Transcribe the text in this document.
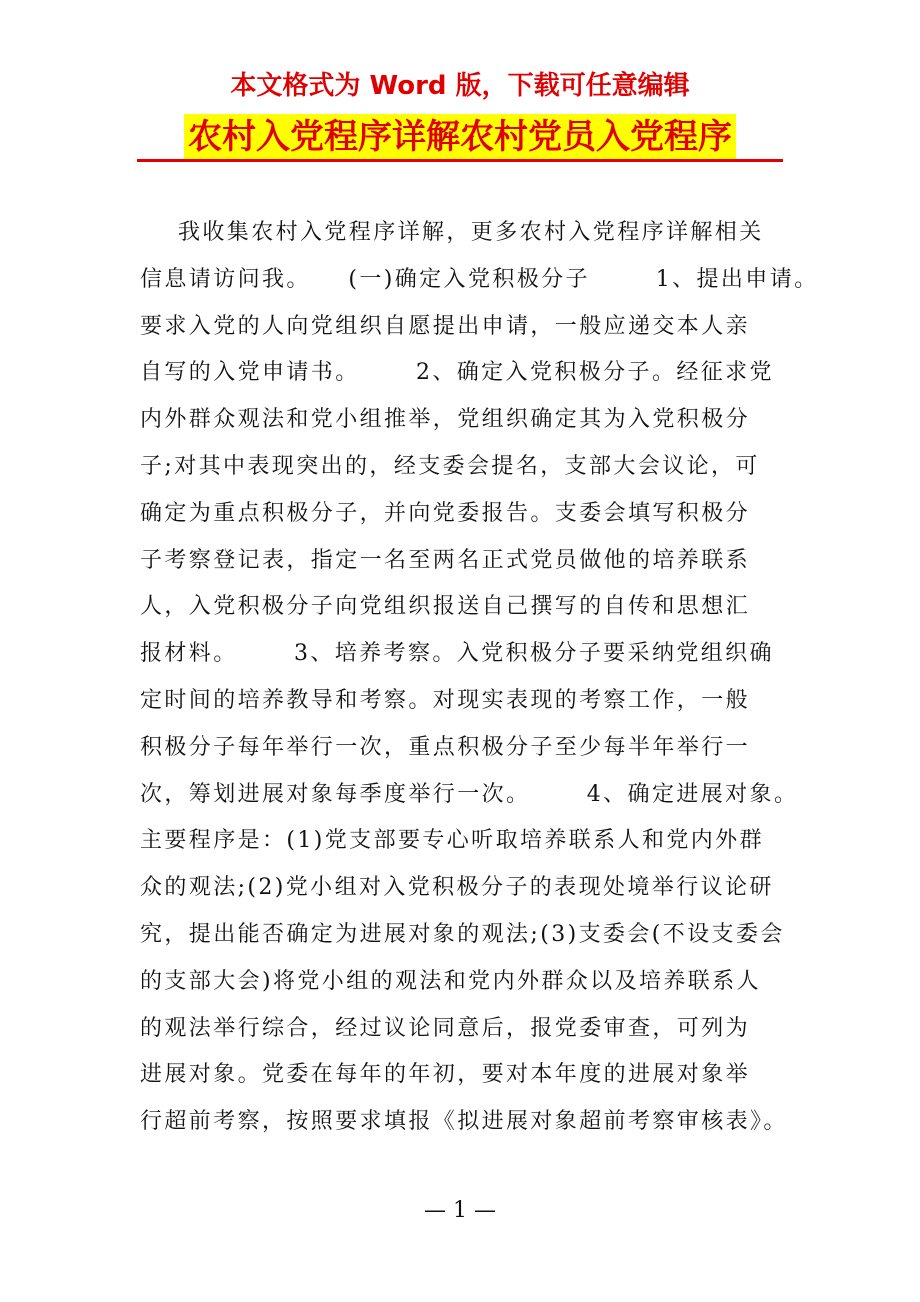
本文格式为 Word 版，下载可任意编辑
农村入党程序详解农村党员入党程序
我收集农村入党程序详解，更多农村入党程序详解相关
信息请访问我。    (一)确定入党积极分子       1、提出申请。
要求入党的人向党组织自愿提出申请，一般应递交本人亲
自写的入党申请书。      2、确定入党积极分子。经征求党
内外群众观法和党小组推举，党组织确定其为入党积极分
子;对其中表现突出的，经支委会提名，支部大会议论，可
确定为重点积极分子，并向党委报告。支委会填写积极分
子考察登记表，指定一名至两名正式党员做他的培养联系
人，入党积极分子向党组织报送自己撰写的自传和思想汇
报材料。      3、培养考察。入党积极分子要采纳党组织确
定时间的培养教导和考察。对现实表现的考察工作，一般
积极分子每年举行一次，重点积极分子至少每半年举行一
次，筹划进展对象每季度举行一次。      4、确定进展对象。
主要程序是：(1)党支部要专心听取培养联系人和党内外群
众的观法;(2)党小组对入党积极分子的表现处境举行议论研
究，提出能否确定为进展对象的观法;(3)支委会(不设支委会
的支部大会)将党小组的观法和党内外群众以及培养联系人
的观法举行综合，经过议论同意后，报党委审查，可列为
进展对象。党委在每年的年初，要对本年度的进展对象举
行超前考察，按照要求填报《拟进展对象超前考察审核表》。
— 1 —
